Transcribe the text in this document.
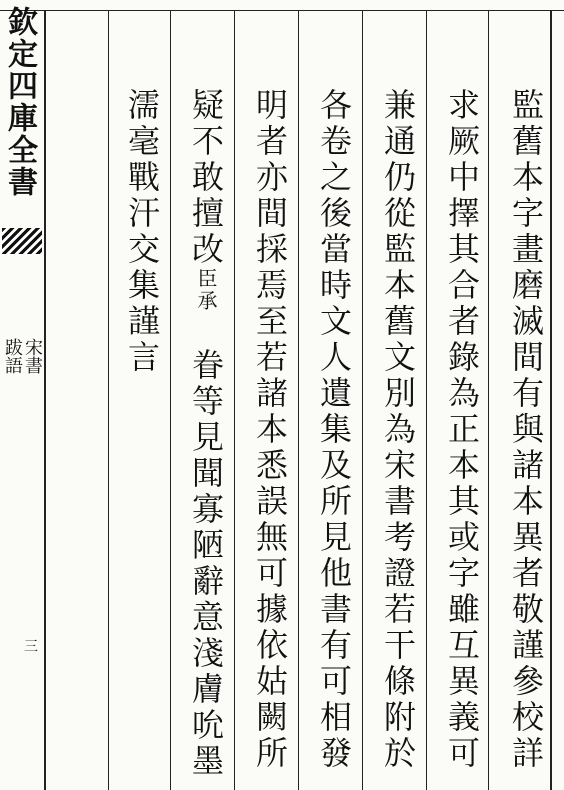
欽定四庫全書
宋書
跋語
三	監舊本字畫磨滅間有與諸本異者敬謹參校詳
求厥中擇其合者錄為正本其或字雖互異義可
兼通仍從監本舊文別為宋書考證若干條附於
各卷之後當時文人遺集及所見他書有可相發
明者亦間採焉至若諸本悉誤無可據依姑闕所
疑不敢擅改臣承　眷等見聞寡陋辭意淺膚吮墨
濡毫戰汗交集謹言
